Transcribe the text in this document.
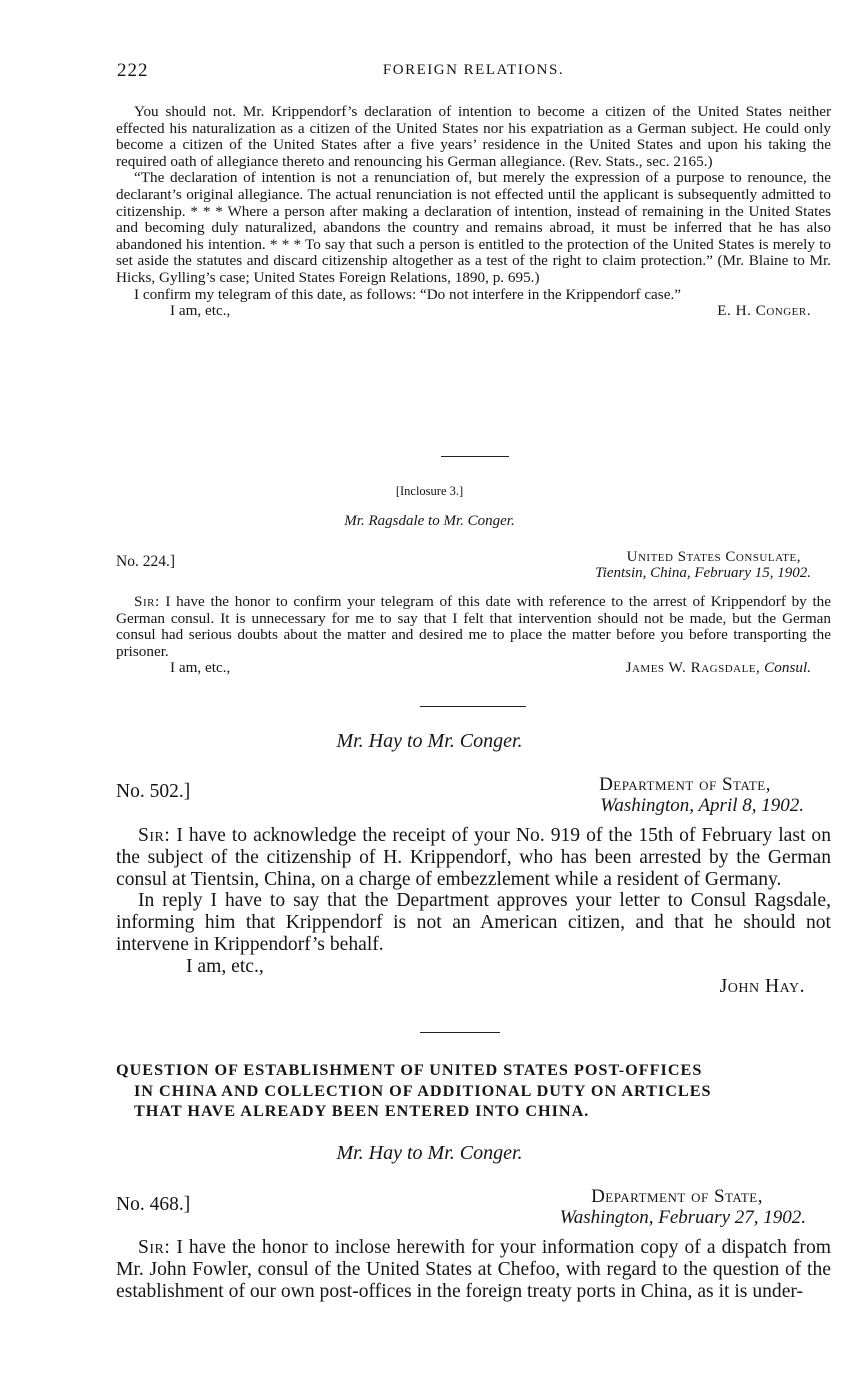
222	FOREIGN RELATIONS.

You should not. Mr. Krippendorf’s declaration of intention to become a citizen of the United States neither effected his naturalization as a citizen of the United States nor his expatriation as a German subject. He could only become a citizen of the United States after a five years’ residence in the United States and upon his taking the required oath of allegiance thereto and renouncing his German allegiance. (Rev. Stats., sec. 2165.)

“The declaration of intention is not a renunciation of, but merely the expression of a purpose to renounce, the declarant’s original allegiance. The actual renunciation is not effected until the applicant is subsequently admitted to citizenship. * * * Where a person after making a declaration of intention, instead of remaining in the United States and becoming duly naturalized, abandons the country and remains abroad, it must be inferred that he has also abandoned his intention. * * * To say that such a person is entitled to the protection of the United States is merely to set aside the statutes and discard citizenship altogether as a test of the right to claim protection.” (Mr. Blaine to Mr. Hicks, Gylling’s case; United States Foreign Relations, 1890, p. 695.)

I confirm my telegram of this date, as follows: “Do not interfere in the Krippendorf case.”

I am, etc.,	E. H. Conger.
[Inclosure 3.]
Mr. Ragsdale to Mr. Conger.
No. 224.]	United States Consulate,
Tientsin, China, February 15, 1902.

Sir: I have the honor to confirm your telegram of this date with reference to the arrest of Krippendorf by the German consul. It is unnecessary for me to say that I felt that intervention should not be made, but the German consul had serious doubts about the matter and desired me to place the matter before you before transporting the prisoner.

I am, etc.,	James W. Ragsdale, Consul.
Mr. Hay to Mr. Conger.
No. 502.]	Department of State,
Washington, April 8, 1902.

Sir: I have to acknowledge the receipt of your No. 919 of the 15th of February last on the subject of the citizenship of H. Krippendorf, who has been arrested by the German consul at Tientsin, China, on a charge of embezzlement while a resident of Germany.

In reply I have to say that the Department approves your letter to Consul Ragsdale, informing him that Krippendorf is not an American citizen, and that he should not intervene in Krippendorf’s behalf.

I am, etc.,
John Hay.
QUESTION OF ESTABLISHMENT OF UNITED STATES POST-OFFICES
IN CHINA AND COLLECTION OF ADDITIONAL DUTY ON ARTICLES
THAT HAVE ALREADY BEEN ENTERED INTO CHINA.
Mr. Hay to Mr. Conger.
No. 468.]	Department of State,
Washington, February 27, 1902.

Sir: I have the honor to inclose herewith for your information copy of a dispatch from Mr. John Fowler, consul of the United States at Chefoo, with regard to the question of the establishment of our own post-offices in the foreign treaty ports in China, as it is under-
